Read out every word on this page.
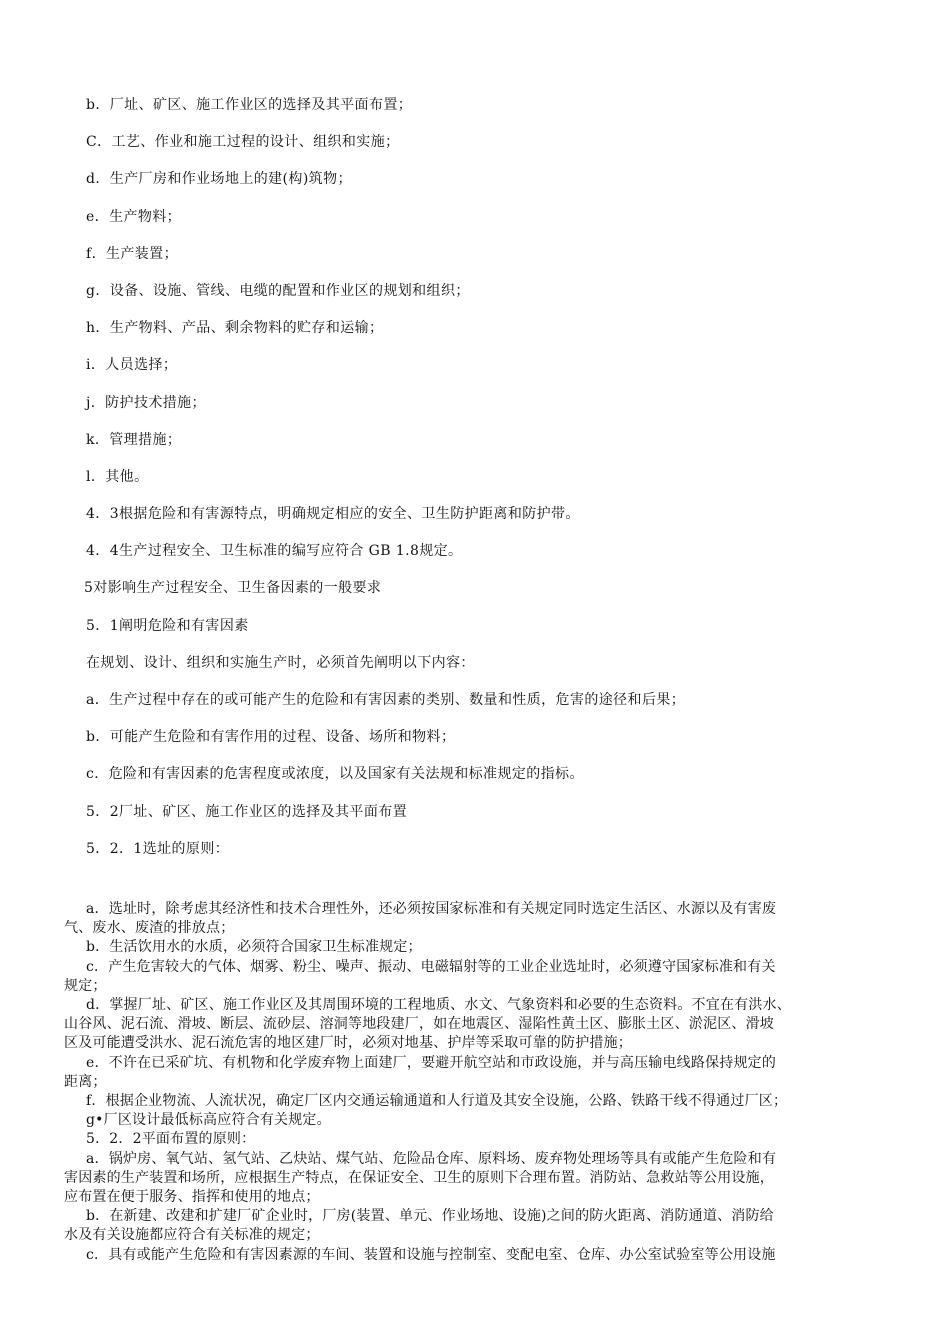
b．厂址、矿区、施工作业区的选择及其平面布置；
C．工艺、作业和施工过程的设计、组织和实施；
d．生产厂房和作业场地上的建(构)筑物；
e．生产物料；
f．生产装置；
g．设备、设施、管线、电缆的配置和作业区的规划和组织；
h．生产物料、产品、剩余物料的贮存和运输；
i．人员选择；
j．防护技术措施；
k．管理措施；
l．其他。
4．3根据危险和有害源特点，明确规定相应的安全、卫生防护距离和防护带。
4．4生产过程安全、卫生标准的编写应符合 GB 1.8规定。
5对影响生产过程安全、卫生备因素的一般要求
5．1阐明危险和有害因素
在规划、设计、组织和实施生产时，必须首先阐明以下内容：
a．生产过程中存在的或可能产生的危险和有害因素的类别、数量和性质，危害的途径和后果；
b．可能产生危险和有害作用的过程、设备、场所和物料；
c．危险和有害因素的危害程度或浓度，以及国家有关法规和标准规定的指标。
5．2厂址、矿区、施工作业区的选择及其平面布置
5．2．1选址的原则：
a．选址时，除考虑其经济性和技术合理性外，还必须按国家标准和有关规定同时选定生活区、水源以及有害废
气、废水、废渣的排放点；
b．生活饮用水的水质，必须符合国家卫生标准规定；
c．产生危害较大的气体、烟雾、粉尘、噪声、振动、电磁辐射等的工业企业选址时，必须遵守国家标准和有关
规定；
d．掌握厂址、矿区、施工作业区及其周围环境的工程地质、水文、气象资料和必要的生态资料。不宜在有洪水、
山谷风、泥石流、滑坡、断层、流砂层、溶洞等地段建厂，如在地震区、湿陷性黄土区、膨胀土区、淤泥区、滑坡
区及可能遭受洪水、泥石流危害的地区建厂时，必须对地基、护岸等采取可靠的防护措施；
e．不许在已采矿坑、有机物和化学废弃物上面建厂，要避开航空站和市政设施，并与高压输电线路保持规定的
距离；
f．根据企业物流、人流状况，确定厂区内交通运输通道和人行道及其安全设施，公路、铁路干线不得通过厂区；
g•厂区设计最低标高应符合有关规定。
5．2．2平面布置的原则：
a．锅炉房、氧气站、氢气站、乙炔站、煤气站、危险品仓库、原料场、废弃物处理场等具有或能产生危险和有
害因素的生产装置和场所，应根据生产特点，在保证安全、卫生的原则下合理布置。消防站、急救站等公用设施，
应布置在便于服务、指挥和使用的地点；
b．在新建、改建和扩建厂矿企业时，厂房(装置、单元、作业场地、设施)之间的防火距离、消防通道、消防给
水及有关设施都应符合有关标准的规定；
c．具有或能产生危险和有害因素源的车间、装置和设施与控制室、变配电室、仓库、办公室试验室等公用设施
